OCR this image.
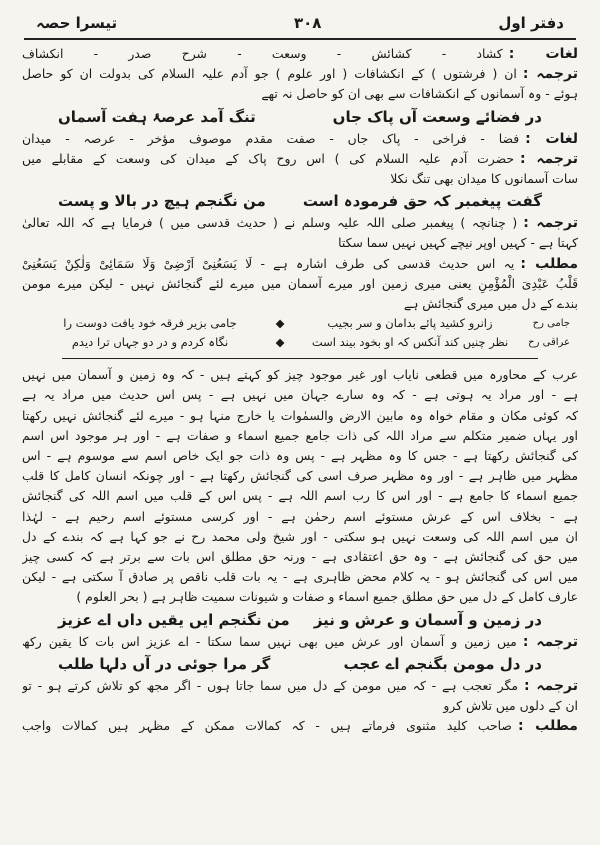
دفتر اول
۳۰۸
تیسرا حصہ
لغات :کشاد - کشائش - وسعت - شرح صدر - انکشاف
ترجمہ :ان ( فرشتوں ) کے انکشافات ( اور علوم ) جو آدم علیہ السلام کی بدولت ان کو حاصل
ہوئے - وہ آسمانوں کے انکشافات سے بھی ان کو حاصل نہ تھے
در فضائے وسعت آں پاک جاں
تنگ آمد عرصۂ ہفت آسماں
لغات :فضا - فراخی - پاک جاں - صفت مقدم موصوف مؤخر - عرصہ - میدان
ترجمہ :حضرت آدم علیہ السلام کی ) اس روح پاک کے میدان کی وسعت کے مقابلے میں
سات آسمانوں کا میدان بھی تنگ نکلا
گفت پیغمبر کہ حق فرمودہ است
من نگنجم ہیچ در بالا و پست
ترجمہ :( چنانچہ ) پیغمبر صلی اللہ علیہ وسلم نے ( حدیث قدسی میں ) فرمایا ہے کہ اللہ تعالیٰ
کہتا ہے - کہیں اوپر نیچے کہیں نہیں سما سکتا
مطلب :یہ اس حدیث قدسی کی طرف اشارہ ہے - لَا یَسَعُنِیْ اَرْضِیْ وَلَا سَمَائِیْ وَلٰکِنْ یَسَعُنِیْ
قَلْبُ عَبْدِیَ الْمُؤْمِنِ یعنی میری زمین اور میرے آسمان میں میرے لئے گنجائش نہیں - لیکن میرے مومن
بندے کے دل میں میری گنجائش ہے
جامی رح
زانرو کشید پائے بدامان و سر بجیب
◆
جامی بزیر فرقہ خود یافت دوست را
عراقی رح
نظر چنیں کند آنکس کہ او بخود بیند است
◆
نگاہ کردم و در دو جہاں ترا دیدم
عرب کے محاورہ میں قطعی نایاب اور غیر موجود چیز کو کہتے ہیں - کہ وہ زمین و آسمان میں نہیں
ہے - اور مراد یہ ہوتی ہے - کہ وہ سارے جہان میں نہیں ہے - پس اس حدیث میں مراد یہ ہے
کہ کوئی مکان و مقام خواہ وہ مابین الارض والسمٰوات یا خارج منہا ہو - میرے لئے گنجائش نہیں رکھتا
اور یہاں ضمیر متکلم سے مراد اللہ کی ذات جامع جمیع اسماء و صفات ہے - اور ہر موجود اس اسم
کی گنجائش رکھتا ہے - جس کا وہ مظہر ہے - پس وہ ذات جو ایک خاص اسم سے موسوم ہے - اس
مظہر میں ظاہر ہے - اور وہ مظہر صرف اسی کی گنجائش رکھتا ہے - اور چونکہ انسان کامل کا قلب
جمیع اسماء کا جامع ہے - اور اس کا رب اسم اللہ ہے - پس اس کے قلب میں اسم اللہ کی گنجائش
ہے - بخلاف اس کے عرش مستوئے اسم رحمٰن ہے - اور کرسی مستوئے اسم رحیم ہے - لہٰذا
ان میں اسم اللہ کی وسعت نہیں ہو سکتی - اور شیخ ولی محمد رح نے جو کہا ہے کہ بندے کے دل
میں حق کی گنجائش ہے - وہ حق اعتقادی ہے - ورنہ حق مطلق اس بات سے برتر ہے کہ کسی چیز
میں اس کی گنجائش ہو - یہ کلام محض ظاہری ہے - یہ بات قلب ناقص پر صادق آ سکتی ہے - لیکن
عارف کامل کے دل میں حق مطلق جمیع اسماء و صفات و شیونات سمیت ظاہر ہے ( بحر العلوم )
در زمین و آسمان و عرش و نیز
من نگنجم ایں یقیں داں اے عزیز
ترجمہ :میں زمین و آسمان اور عرش میں بھی نہیں سما سکتا - اے عزیز اس بات کا یقین رکھ
در دل مومن بگنجم اے عجب
گر مرا جوئی در آں دلہا طلب
ترجمہ :مگر تعجب ہے - کہ میں مومن کے دل میں سما جاتا ہوں - اگر مجھ کو تلاش کرتے ہو - تو
ان کے دلوں میں تلاش کرو
مطلب :صاحب کلید مثنوی فرماتے ہیں - کہ کمالات ممکن کے مظہر ہیں کمالات واجب
